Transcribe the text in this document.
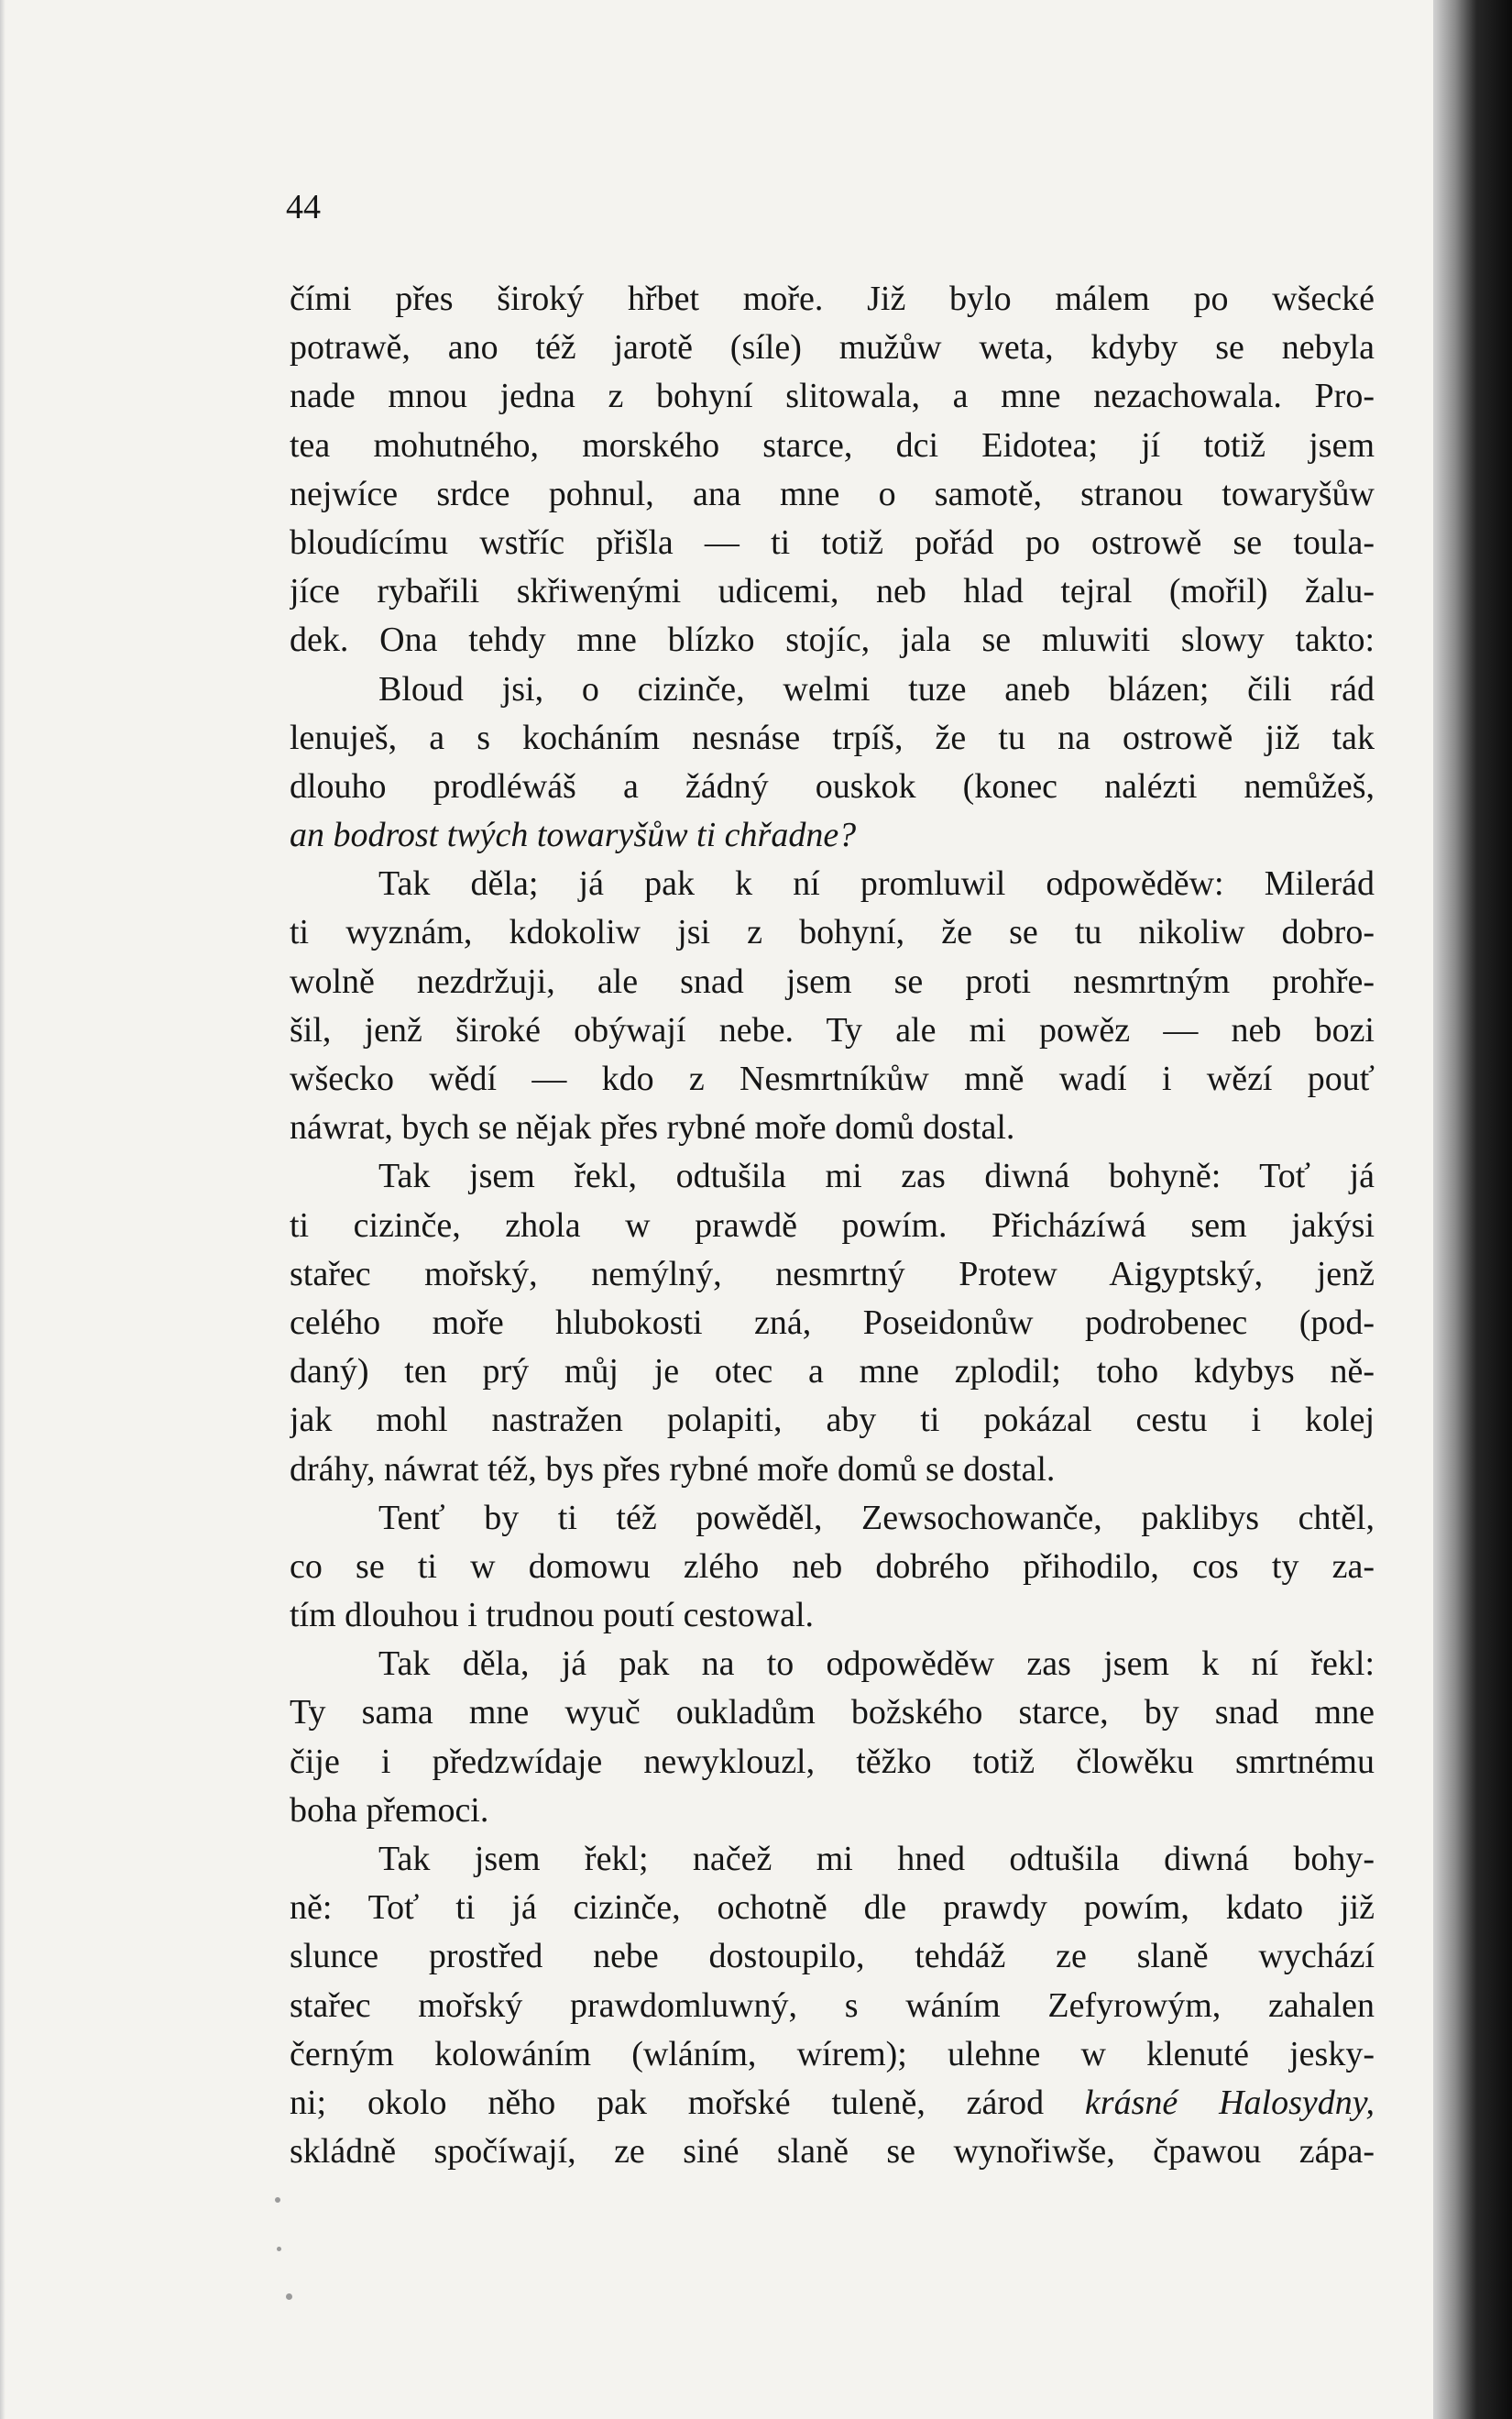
44
čími přes široký hřbet moře. Již bylo málem po wšecké
potrawě, ano též jarotě (síle) mužůw weta, kdyby se nebyla
nade mnou jedna z bohyní slitowala, a mne nezachowala. Pro-
tea mohutného, morského starce, dci Eidotea; jí totiž jsem
nejwíce srdce pohnul, ana mne o samotě, stranou towaryšůw
bloudícímu wstříc přišla — ti totiž pořád po ostrowě se toula-
jíce rybařili skřiwenými udicemi, neb hlad tejral (mořil) žalu-
dek. Ona tehdy mne blízko stojíc, jala se mluwiti slowy takto:
Bloud jsi, o cizinče, welmi tuze aneb blázen; čili rád
lenuješ, a s kocháním nesnáse trpíš, že tu na ostrowě již tak
dlouho prodléwáš a žádný ouskok (konec nalézti nemůžeš,
an bodrost twých towaryšůw ti chřadne?
Tak děla; já pak k ní promluwil odpowěděw: Milerád
ti wyznám, kdokoliw jsi z bohyní, že se tu nikoliw dobro-
wolně nezdržuji, ale snad jsem se proti nesmrtným prohře-
šil, jenž široké obýwají nebe. Ty ale mi powěz — neb bozi
wšecko wědí — kdo z Nesmrtníkůw mně wadí i wězí pouť
náwrat, bych se nějak přes rybné moře domů dostal.
Tak jsem řekl, odtušila mi zas diwná bohyně: Toť já
ti cizinče, zhola w prawdě powím. Přicházíwá sem jakýsi
stařec mořský, nemýlný, nesmrtný Protew Aigyptský, jenž
celého moře hlubokosti zná, Poseidonůw podrobenec (pod-
daný) ten prý můj je otec a mne zplodil; toho kdybys ně-
jak mohl nastražen polapiti, aby ti pokázal cestu i kolej
dráhy, náwrat též, bys přes rybné moře domů se dostal.
Tenť by ti též powěděl, Zewsochowanče, paklibys chtěl,
co se ti w domowu zlého neb dobrého přihodilo, cos ty za-
tím dlouhou i trudnou poutí cestowal.
Tak děla, já pak na to odpowěděw zas jsem k ní řekl:
Ty sama mne wyuč oukladům božského starce, by snad mne
čije i předzwídaje newyklouzl, těžko totiž člowěku smrtnému
boha přemoci.
Tak jsem řekl; načež mi hned odtušila diwná bohy-
ně: Toť ti já cizinče, ochotně dle prawdy powím, kdato již
slunce prostřed nebe dostoupilo, tehdáž ze slaně wychází
stařec mořský prawdomluwný, s wáním Zefyrowým, zahalen
černým kolowáním (wláním, wírem); ulehne w klenuté jesky-
ni; okolo něho pak mořské tuleně, zárod krásné Halosydny,
skládně spočíwají, ze siné slaně se wynořiwše, čpawou zápa-
